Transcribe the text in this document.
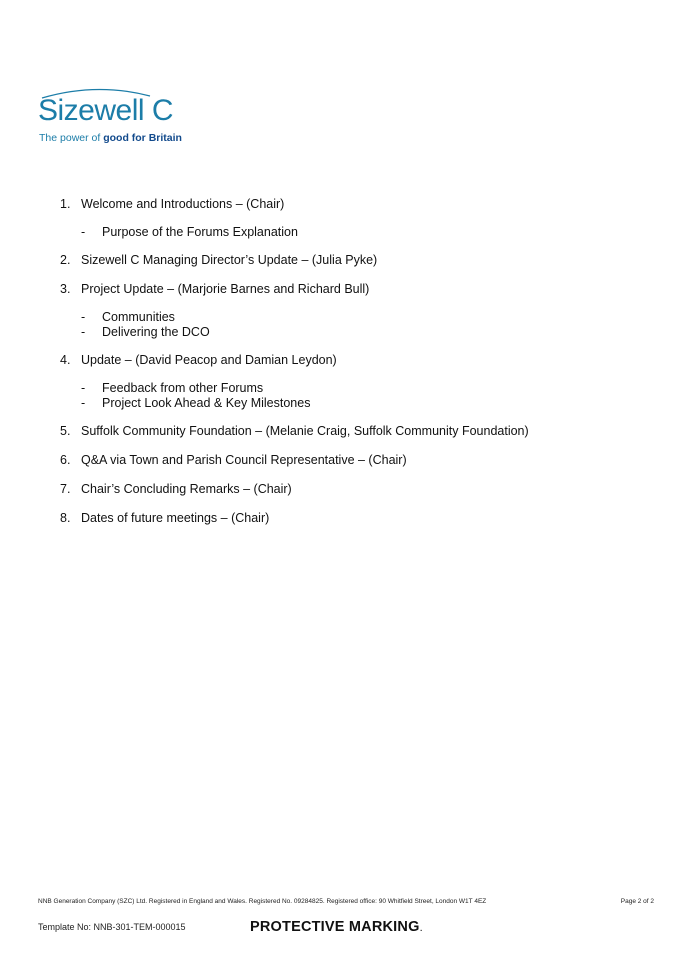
Sizewell C
The power of good for Britain
1. Welcome and Introductions – (Chair)
-	Purpose of the Forums Explanation
2. Sizewell C Managing Director’s Update – (Julia Pyke)
3. Project Update – (Marjorie Barnes and Richard Bull)
-	Communities
-	Delivering the DCO
4. Update – (David Peacop and Damian Leydon)
-	Feedback from other Forums
-	Project Look Ahead & Key Milestones
5. Suffolk Community Foundation – (Melanie Craig, Suffolk Community Foundation)
6. Q&A via Town and Parish Council Representative – (Chair)
7. Chair’s Concluding Remarks – (Chair)
8. Dates of future meetings – (Chair)
NNB Generation Company (SZC) Ltd. Registered in England and Wales. Registered No. 09284825. Registered office: 90 Whitfield Street, London W1T 4EZ	Page 2 of 2
Template No: NNB-301-TEM-000015	PROTECTIVE MARKING.
